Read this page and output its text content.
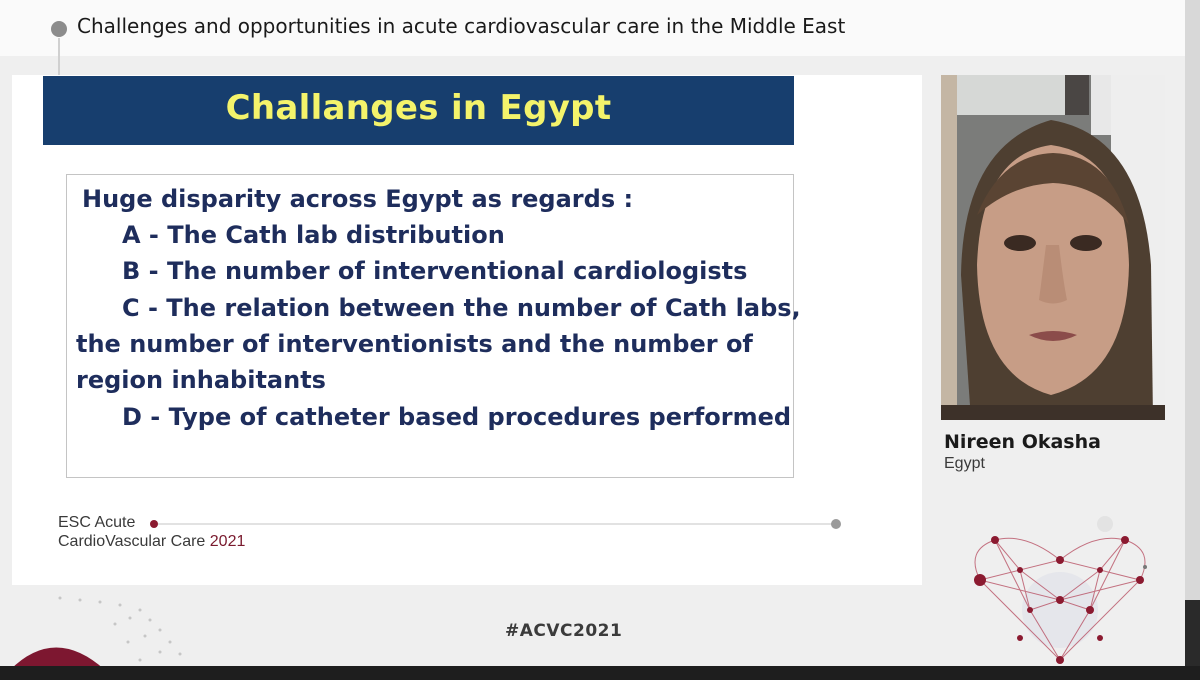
Challenges and opportunities in acute cardiovascular care in the Middle East
Challanges in Egypt
Huge disparity across Egypt as regards :
A - The Cath lab distribution
B - The number of interventional cardiologists
C - The relation between the number of Cath labs,
the number of interventionists and the number of
region inhabitants
D - Type of catheter based procedures performed
ESC Acute
CardioVascular Care 2021
Nireen Okasha
Egypt
#ACVC2021
